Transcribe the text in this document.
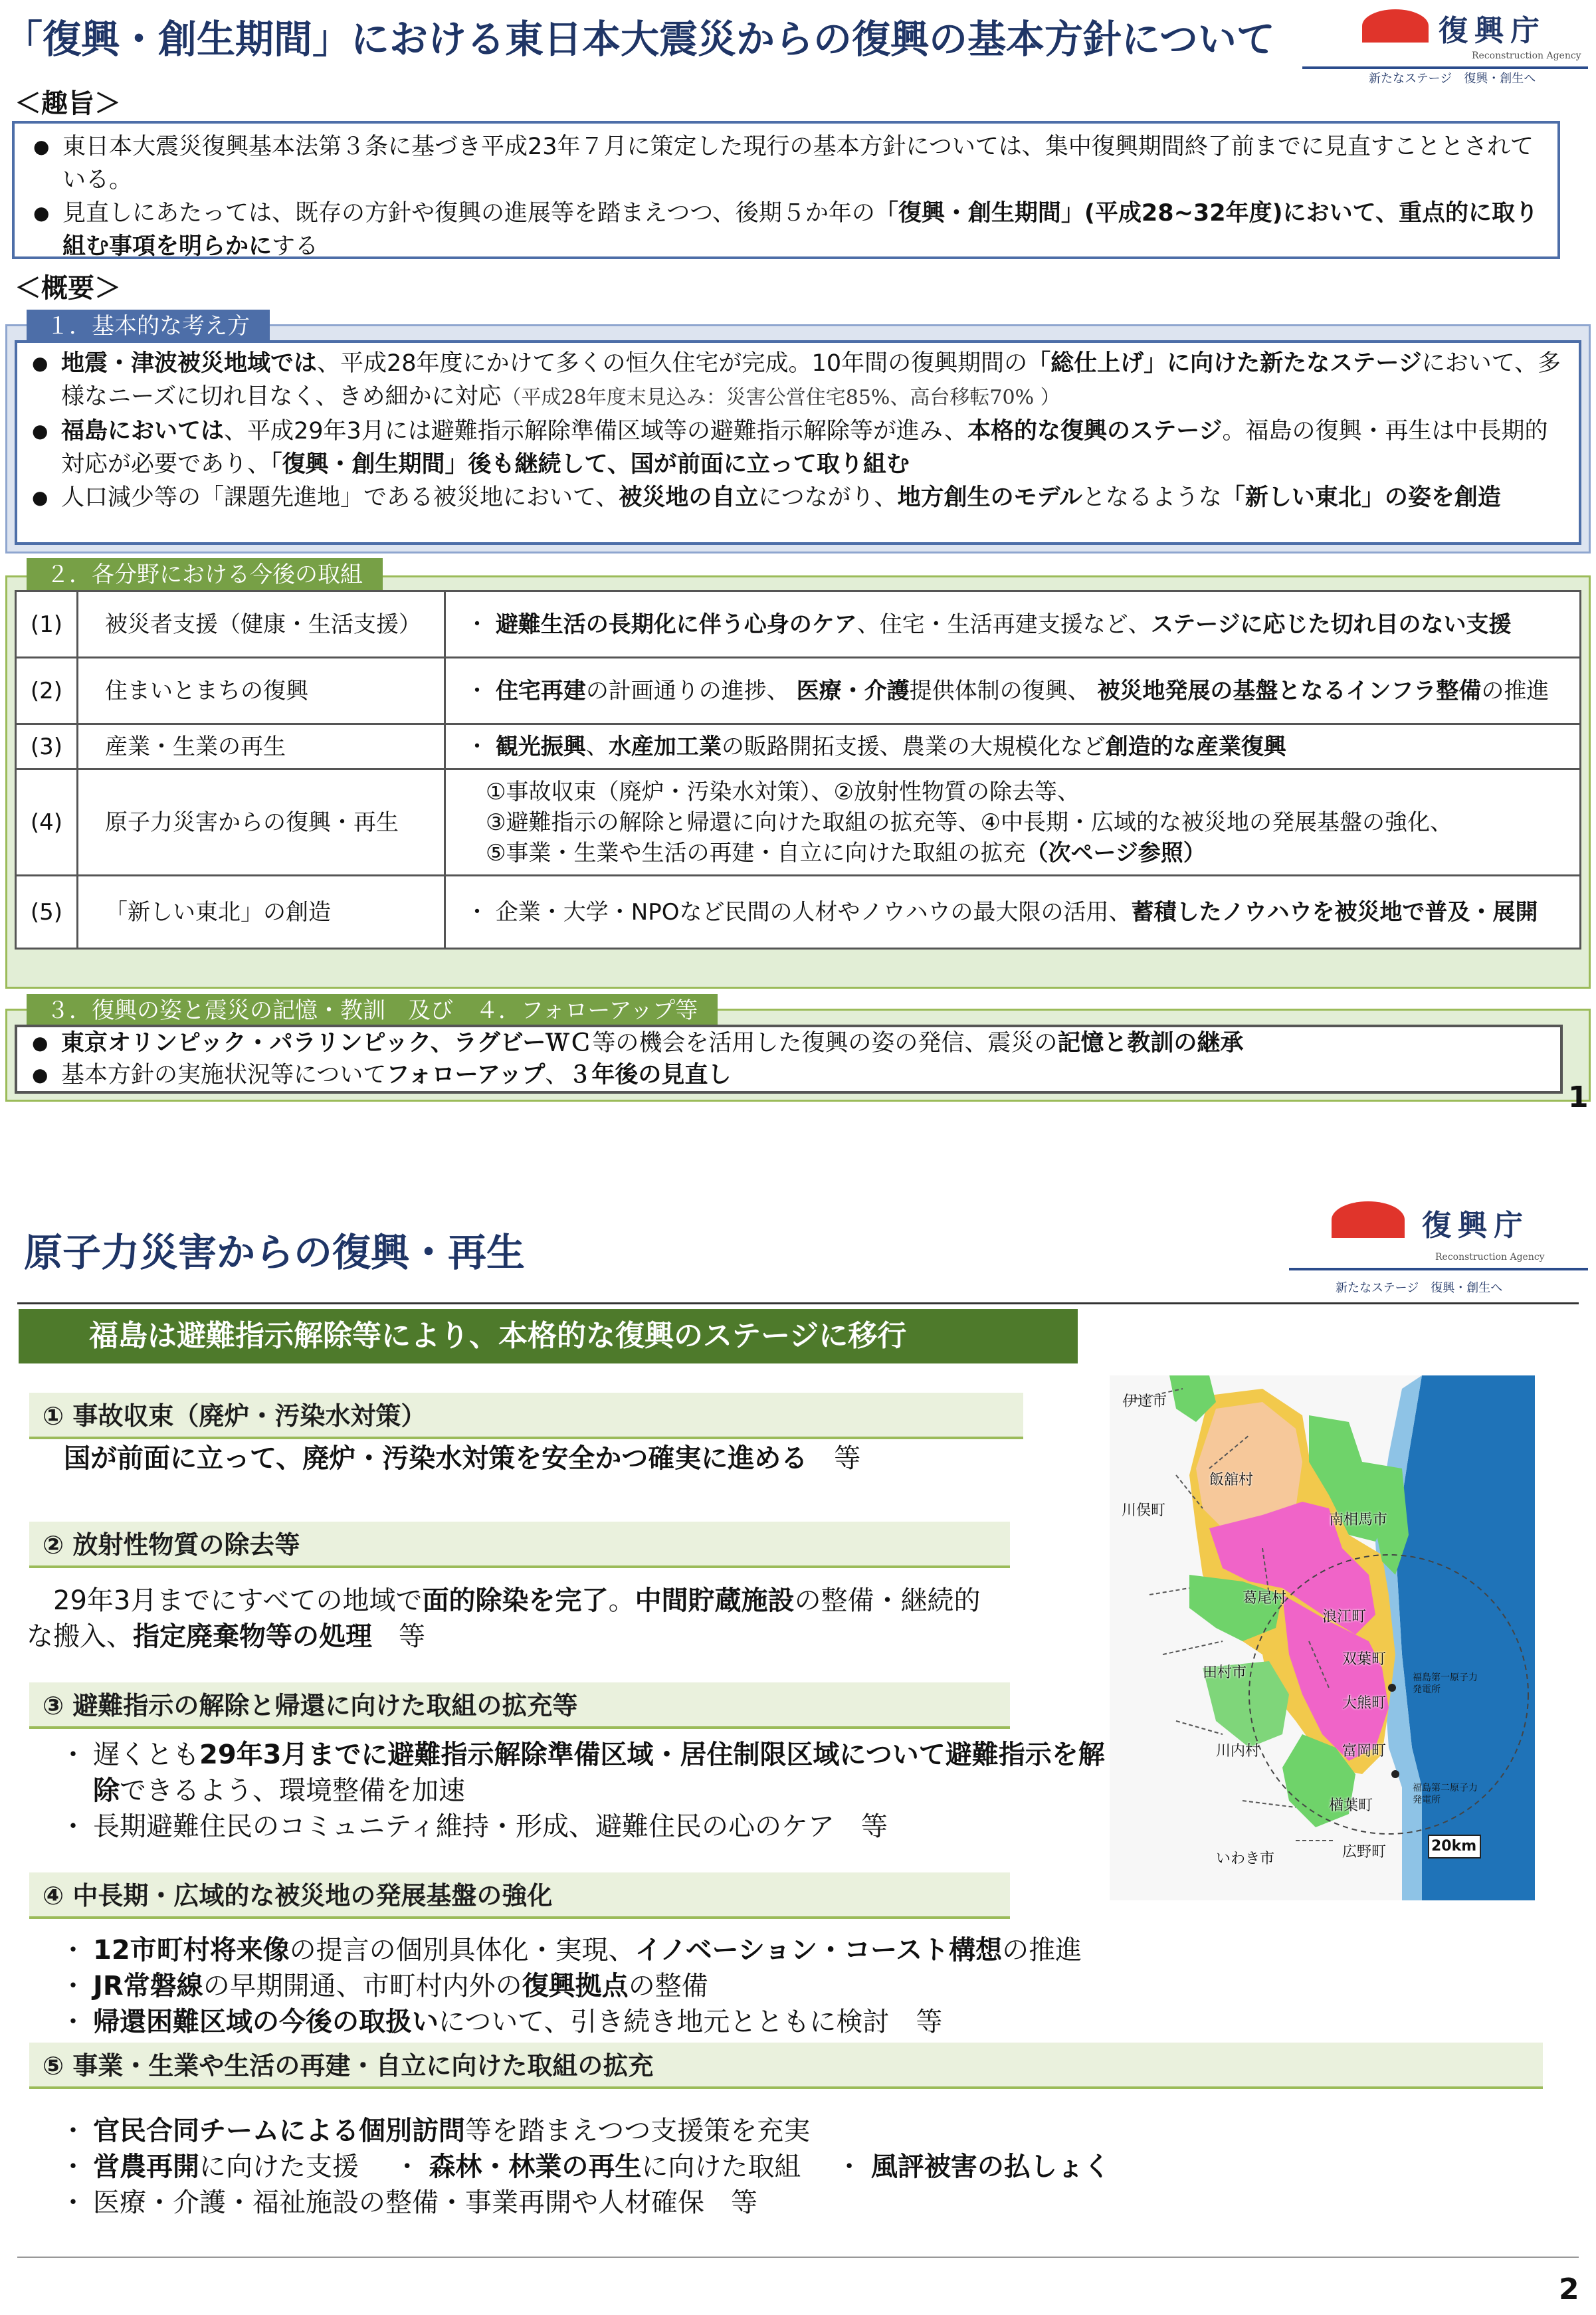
「復興・創生期間」における東日本大震災からの復興の基本方針について	復興庁
Reconstruction Agency
新たなステージ　復興・創生へ
＜趣旨＞
● 東日本大震災復興基本法第３条に基づき平成23年７月に策定した現行の基本方針については、集中復興期間終了前までに見直すこととされている。
● 見直しにあたっては、既存の方針や復興の進展等を踏まえつつ、後期５か年の「復興・創生期間」(平成28~32年度)において、重点的に取り組む事項を明らかにする
＜概要＞
１．基本的な考え方
● 地震・津波被災地域では、平成28年度にかけて多くの恒久住宅が完成。10年間の復興期間の「総仕上げ」に向けた新たなステージにおいて、多様なニーズに切れ目なく、きめ細かに対応（平成28年度末見込み：災害公営住宅85%、高台移転70% ）
● 福島においては、平成29年3月には避難指示解除準備区域等の避難指示解除等が進み、本格的な復興のステージ。福島の復興・再生は中長期的対応が必要であり、「復興・創生期間」後も継続して、国が前面に立って取り組む
● 人口減少等の「課題先進地」である被災地において、被災地の自立につながり、地方創生のモデルとなるような「新しい東北」の姿を創造
２．各分野における今後の取組
(1)	被災者支援（健康・生活支援）	・ 避難生活の長期化に伴う心身のケア、住宅・生活再建支援など、ステージに応じた切れ目のない支援
(2)	住まいとまちの復興	・ 住宅再建の計画通りの進捗、 医療・介護提供体制の復興、 被災地発展の基盤となるインフラ整備の推進
(3)	産業・生業の再生	・ 観光振興、水産加工業の販路開拓支援、農業の大規模化など創造的な産業復興
(4)	原子力災害からの復興・再生	①事故収束（廃炉・汚染水対策）、②放射性物質の除去等、
③避難指示の解除と帰還に向けた取組の拡充等、④中長期・広域的な被災地の発展基盤の強化、
⑤事業・生業や生活の再建・自立に向けた取組の拡充（次ページ参照）
(5)	「新しい東北」の創造	・ 企業・大学・NPOなど民間の人材やノウハウの最大限の活用、蓄積したノウハウを被災地で普及・展開
３．復興の姿と震災の記憶・教訓　及び　４．フォローアップ等
● 東京オリンピック・パラリンピック、ラグビーＷＣ等の機会を活用した復興の姿の発信、震災の記憶と教訓の継承
● 基本方針の実施状況等についてフォローアップ、３年後の見直し
1
原子力災害からの復興・再生
復興庁
Reconstruction Agency
新たなステージ　復興・創生へ
福島は避難指示解除等により、本格的な復興のステージに移行
① 事故収束（廃炉・汚染水対策）
国が前面に立って、廃炉・汚染水対策を安全かつ確実に進める　等
② 放射性物質の除去等
　29年3月までにすべての地域で面的除染を完了。中間貯蔵施設の整備・継続的な搬入、指定廃棄物等の処理　等
③ 避難指示の解除と帰還に向けた取組の拡充等
・ 遅くとも29年3月までに避難指示解除準備区域・居住制限区域について避難指示を解除できるよう、環境整備を加速
・ 長期避難住民のコミュニティ維持・形成、避難住民の心のケア　等
④ 中長期・広域的な被災地の発展基盤の強化
・ 12市町村将来像の提言の個別具体化・実現、イノベーション・コースト構想の推進
・ JR常磐線の早期開通、市町村内外の復興拠点の整備
・ 帰還困難区域の今後の取扱いについて、引き続き地元とともに検討　等
⑤ 事業・生業や生活の再建・自立に向けた取組の拡充
・ 官民合同チームによる個別訪問等を踏まえつつ支援策を充実
・ 営農再開に向けた支援　 ・ 森林・林業の再生に向けた取組　 ・ 風評被害の払しょく
・ 医療・介護・福祉施設の整備・事業再開や人材確保　等
伊達市
飯舘村
南相馬市
川俣町
葛尾村
浪江町
双葉町
田村市
大熊町
富岡町
川内村
楢葉町
いわき市	広野町
福島第一原子力発電所
福島第二原子力発電所
20km
2
